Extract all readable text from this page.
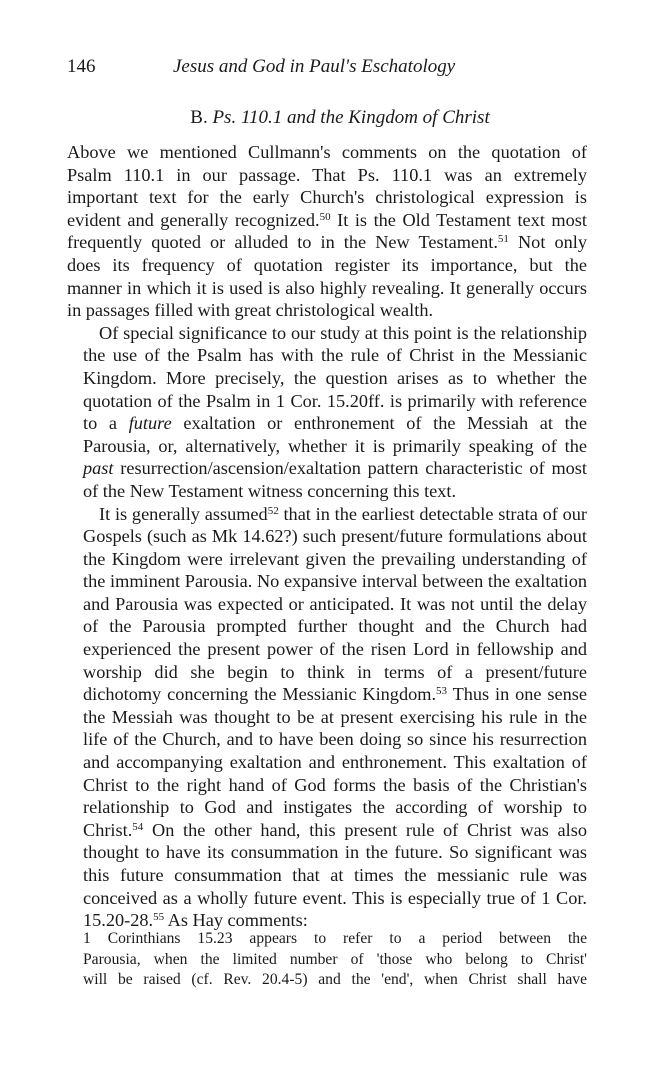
146	Jesus and God in Paul's Eschatology
B. Ps. 110.1 and the Kingdom of Christ

Above we mentioned Cullmann's comments on the quotation of
Psalm 110.1 in our passage. That Ps. 110.1 was an extremely
important text for the early Church's christological expression is
evident and generally recognized.$^{50}$ It is the Old Testament text most
frequently quoted or alluded to in the New Testament.$^{51}$ Not only
does its frequency of quotation register its importance, but the
manner in which it is used is also highly revealing. It generally occurs
in passages filled with great christological wealth.

Of special significance to our study at this point is the relationship
the use of the Psalm has with the rule of Christ in the Messianic
Kingdom. More precisely, the question arises as to whether the
quotation of the Psalm in 1 Cor. 15.20ff. is primarily with reference
to a future exaltation or enthronement of the Messiah at the
Parousia, or, alternatively, whether it is primarily speaking of the
past resurrection/ascension/exaltation pattern characteristic of most
of the New Testament witness concerning this text.

It is generally assumed$^{52}$ that in the earliest detectable strata of our
Gospels (such as Mk 14.62?) such present/future formulations about
the Kingdom were irrelevant given the prevailing understanding of
the imminent Parousia. No expansive interval between the exaltation
and Parousia was expected or anticipated. It was not until the delay
of the Parousia prompted further thought and the Church had
experienced the present power of the risen Lord in fellowship and
worship did she begin to think in terms of a present/future
dichotomy concerning the Messianic Kingdom.$^{53}$ Thus in one sense
the Messiah was thought to be at present exercising his rule in the
life of the Church, and to have been doing so since his resurrection
and accompanying exaltation and enthronement. This exaltation of
Christ to the right hand of God forms the basis of the Christian's
relationship to God and instigates the according of worship to
Christ.$^{54}$ On the other hand, this present rule of Christ was also
thought to have its consummation in the future. So significant was
this future consummation that at times the messianic rule was
conceived as a wholly future event. This is especially true of 1 Cor.
15.20-28.55 As Hay comments:

1 Corinthians 15.23 appears to refer to a period between the
Parousia, when the limited number of 'those who belong to Christ'
will be raised (cf. Rev. 20.4-5) and the 'end', when Christ shall have
